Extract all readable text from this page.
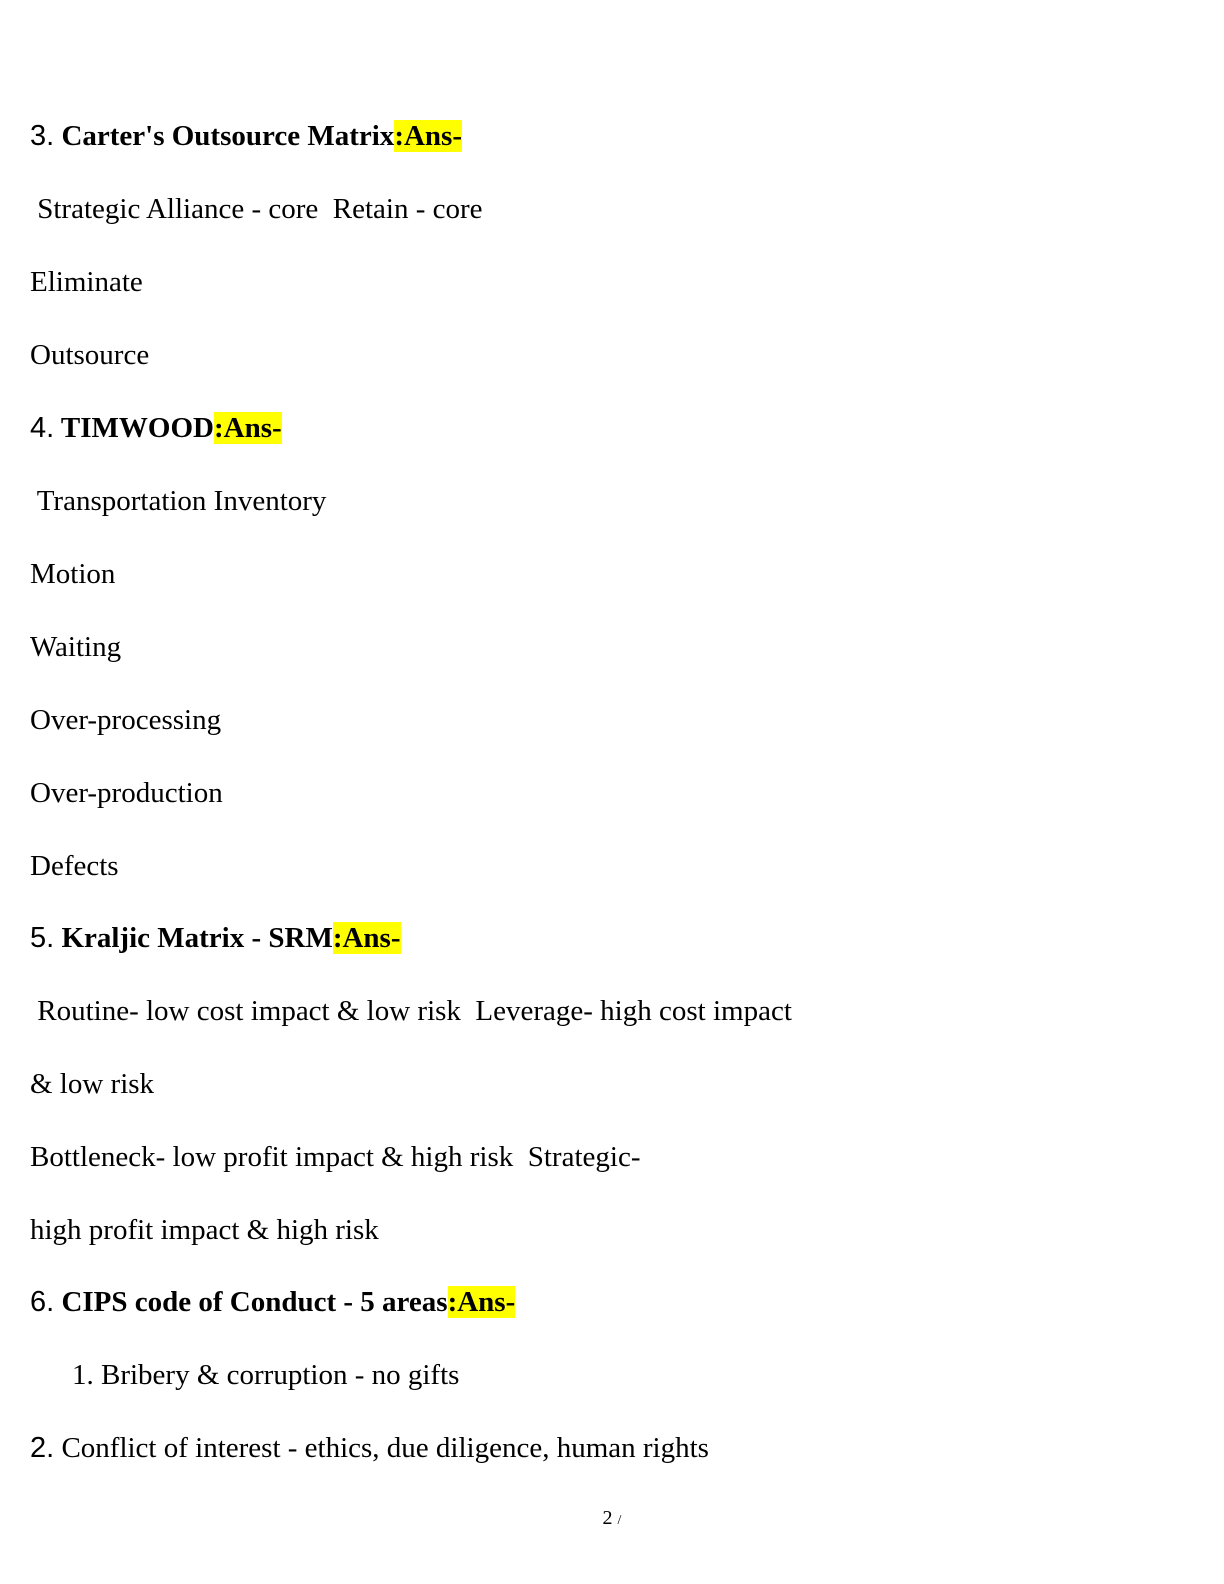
3. Carter's Outsource Matrix:Ans-
Strategic Alliance - core  Retain - core
Eliminate
Outsource
4. TIMWOOD:Ans-
Transportation Inventory
Motion
Waiting
Over-processing
Over-production
Defects
5. Kraljic Matrix - SRM:Ans-
Routine- low cost impact & low risk  Leverage- high cost impact
& low risk
Bottleneck- low profit impact & high risk  Strategic-
high profit impact & high risk
6. CIPS code of Conduct - 5 areas:Ans-
1. Bribery & corruption - no gifts
2. Conflict of interest - ethics, due diligence, human rights
2 /
